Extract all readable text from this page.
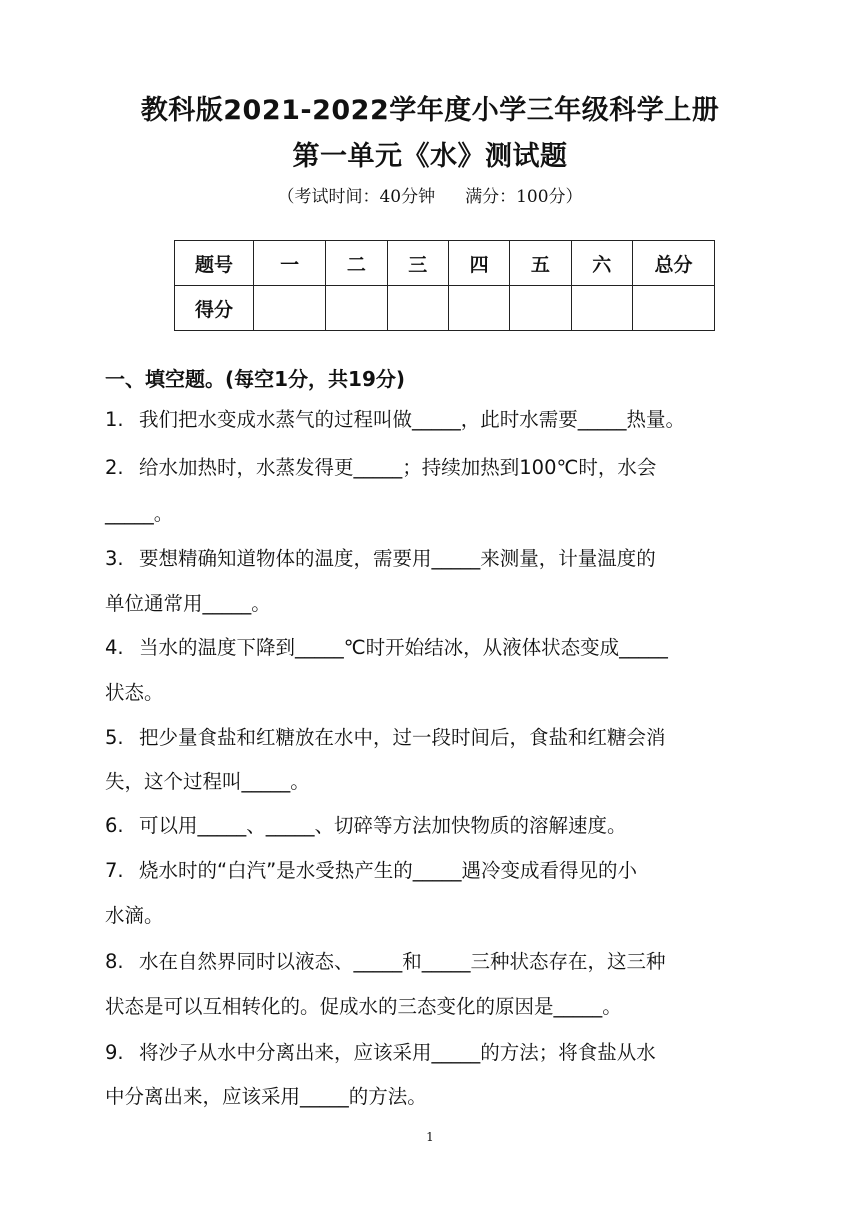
教科版2021-2022学年度小学三年级科学上册
第一单元《水》测试题
（考试时间：40分钟 满分：100分）
题号	一	二	三	四	五	六	总分
得分							
一、填空题。(每空1分，共19分)
1. 我们把水变成水蒸气的过程叫做_____，此时水需要_____热量。
2. 给水加热时，水蒸发得更_____；持续加热到100℃时，水会
_____。
3. 要想精确知道物体的温度，需要用_____来测量，计量温度的
单位通常用_____。
4. 当水的温度下降到_____℃时开始结冰，从液体状态变成_____
状态。
5. 把少量食盐和红糖放在水中，过一段时间后，食盐和红糖会消
失，这个过程叫_____。
6. 可以用_____、_____、切碎等方法加快物质的溶解速度。
7. 烧水时的“白汽”是水受热产生的_____遇冷变成看得见的小
水滴。
8. 水在自然界同时以液态、_____和_____三种状态存在，这三种
状态是可以互相转化的。促成水的三态变化的原因是_____。
9. 将沙子从水中分离出来，应该采用_____的方法；将食盐从水
中分离出来，应该采用_____的方法。
1
